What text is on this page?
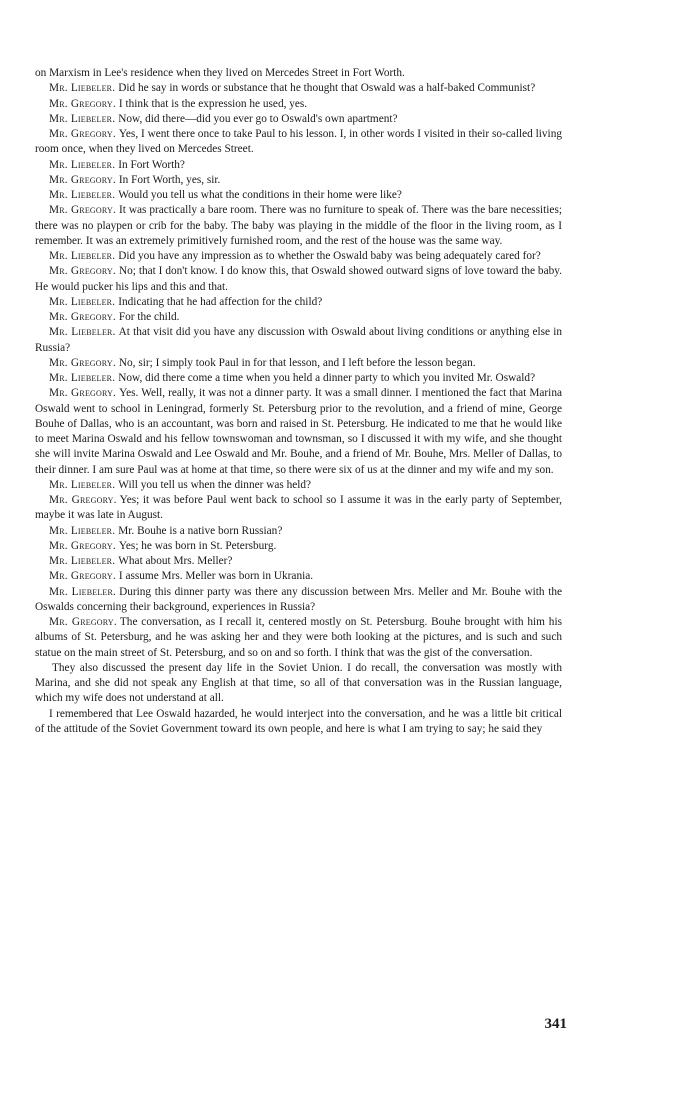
on Marxism in Lee's residence when they lived on Mercedes Street in Fort Worth.

Mr. Liebeler. Did he say in words or substance that he thought that Oswald was a half-baked Communist?

Mr. Gregory. I think that is the expression he used, yes.

Mr. Liebeler. Now, did there—did you ever go to Oswald's own apartment?

Mr. Gregory. Yes, I went there once to take Paul to his lesson. I, in other words I visited in their so-called living room once, when they lived on Mercedes Street.

Mr. Liebeler. In Fort Worth?

Mr. Gregory. In Fort Worth, yes, sir.

Mr. Liebeler. Would you tell us what the conditions in their home were like?

Mr. Gregory. It was practically a bare room. There was no furniture to speak of. There was the bare necessities; there was no playpen or crib for the baby. The baby was playing in the middle of the floor in the living room, as I remember. It was an extremely primitively furnished room, and the rest of the house was the same way.

Mr. Liebeler. Did you have any impression as to whether the Oswald baby was being adequately cared for?

Mr. Gregory. No; that I don't know. I do know this, that Oswald showed outward signs of love toward the baby. He would pucker his lips and this and that.

Mr. Liebeler. Indicating that he had affection for the child?

Mr. Gregory. For the child.

Mr. Liebeler. At that visit did you have any discussion with Oswald about living conditions or anything else in Russia?

Mr. Gregory. No, sir; I simply took Paul in for that lesson, and I left before the lesson began.

Mr. Liebeler. Now, did there come a time when you held a dinner party to which you invited Mr. Oswald?

Mr. Gregory. Yes. Well, really, it was not a dinner party. It was a small dinner. I mentioned the fact that Marina Oswald went to school in Leningrad, formerly St. Petersburg prior to the revolution, and a friend of mine, George Bouhe of Dallas, who is an accountant, was born and raised in St. Petersburg. He indicated to me that he would like to meet Marina Oswald and his fellow townswoman and townsman, so I discussed it with my wife, and she thought she will invite Marina Oswald and Lee Oswald and Mr. Bouhe, and a friend of Mr. Bouhe, Mrs. Meller of Dallas, to their dinner. I am sure Paul was at home at that time, so there were six of us at the dinner and my wife and my son.

Mr. Liebeler. Will you tell us when the dinner was held?

Mr. Gregory. Yes; it was before Paul went back to school so I assume it was in the early party of September, maybe it was late in August.

Mr. Liebeler. Mr. Bouhe is a native born Russian?

Mr. Gregory. Yes; he was born in St. Petersburg.

Mr. Liebeler. What about Mrs. Meller?

Mr. Gregory. I assume Mrs. Meller was born in Ukrania.

Mr. Liebeler. During this dinner party was there any discussion between Mrs. Meller and Mr. Bouhe with the Oswalds concerning their background, experiences in Russia?

Mr. Gregory. The conversation, as I recall it, centered mostly on St. Petersburg. Bouhe brought with him his albums of St. Petersburg, and he was asking her and they were both looking at the pictures, and is such and such statue on the main street of St. Petersburg, and so on and so forth. I think that was the gist of the conversation.

They also discussed the present day life in the Soviet Union. I do recall, the conversation was mostly with Marina, and she did not speak any English at that time, so all of that conversation was in the Russian language, which my wife does not understand at all.

I remembered that Lee Oswald hazarded, he would interject into the conversation, and he was a little bit critical of the attitude of the Soviet Government toward its own people, and here is what I am trying to say; he said they

341
